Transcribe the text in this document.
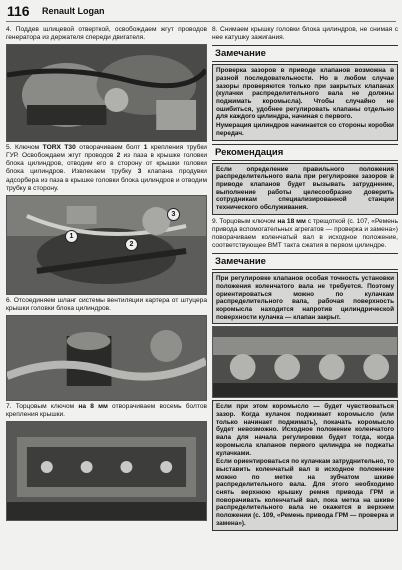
116 Renault Logan

4. Поддев шлицевой отверткой, освобождаем жгут проводов генератора из держателя спереди двигателя.

5. Ключом TORX T30 отворачиваем болт 1 крепления трубки ГУР. Освобождаем жгут проводов 2 из паза в крышке головки блока цилиндров, отводим его в сторону от крышки головки блока цилиндров. Извлекаем трубку 3 клапана продувки адсорбера из паза в крышке головки блока цилиндров и отводим трубку в сторону.

1
2
3

6. Отсоединяем шланг системы вентиляции картера от штуцера крышки головки блока цилиндров.

7. Торцовым ключом на 8 мм отворачиваем восемь болтов крепления крышки.

8. Снимаем крышку головки блока цилиндров, не снимая с нее катушку зажигания.

Замечание

Проверка зазоров в приводе клапанов возможна в разной последовательности. Но в любом случае зазоры проверяются только при закрытых клапанах (кулачки распределительного вала не должны поджимать коромысла). Чтобы случайно не ошибиться, удобнее регулировать клапаны отдельно для каждого цилиндра, начиная с первого.

Нумерация цилиндров начинается со стороны коробки передач.

Рекомендация

Если определение правильного положения распределительного вала при регулировке зазоров в приводе клапанов будет вызывать затруднение, выполнение работы целесообразно доверить сотрудникам специализированной станции технического обслуживания.

9. Торцовым ключом на 18 мм с трещоткой (с. 107, «Ремень привода вспомогательных агрегатов — проверка и замена») поворачиваем коленчатый вал в исходное положение, соответствующее ВМТ такта сжатия в первом цилиндре.

Замечание

При регулировке клапанов особая точность установки положения коленчатого вала не требуется. Поэтому ориентироваться можно по кулачкам распределительного вала, рабочая поверхность коромысла находится напротив цилиндрической поверхности кулачка — клапан закрыт.

Если при этом коромысло — будет чувствоваться зазор. Когда кулачок поджимает коромысло (или только начинает поджимать), покачать коромысло будет невозможно. Исходное положение коленчатого вала для начала регулировки будет тогда, когда коромысла клапанов первого цилиндра не поджаты кулачками.

Если ориентироваться по кулачкам затруднительно, то выставить коленчатый вал в исходное положение можно по метке на зубчатом шкиве распределительного вала. Для этого необходимо снять верхнюю крышку ремня привода ГРМ и поворачивать коленчатый вал, пока метка на шкиве распределительного вала не окажется в верхнем положении (с. 109, «Ремень привода ГРМ — проверка и замена»).
